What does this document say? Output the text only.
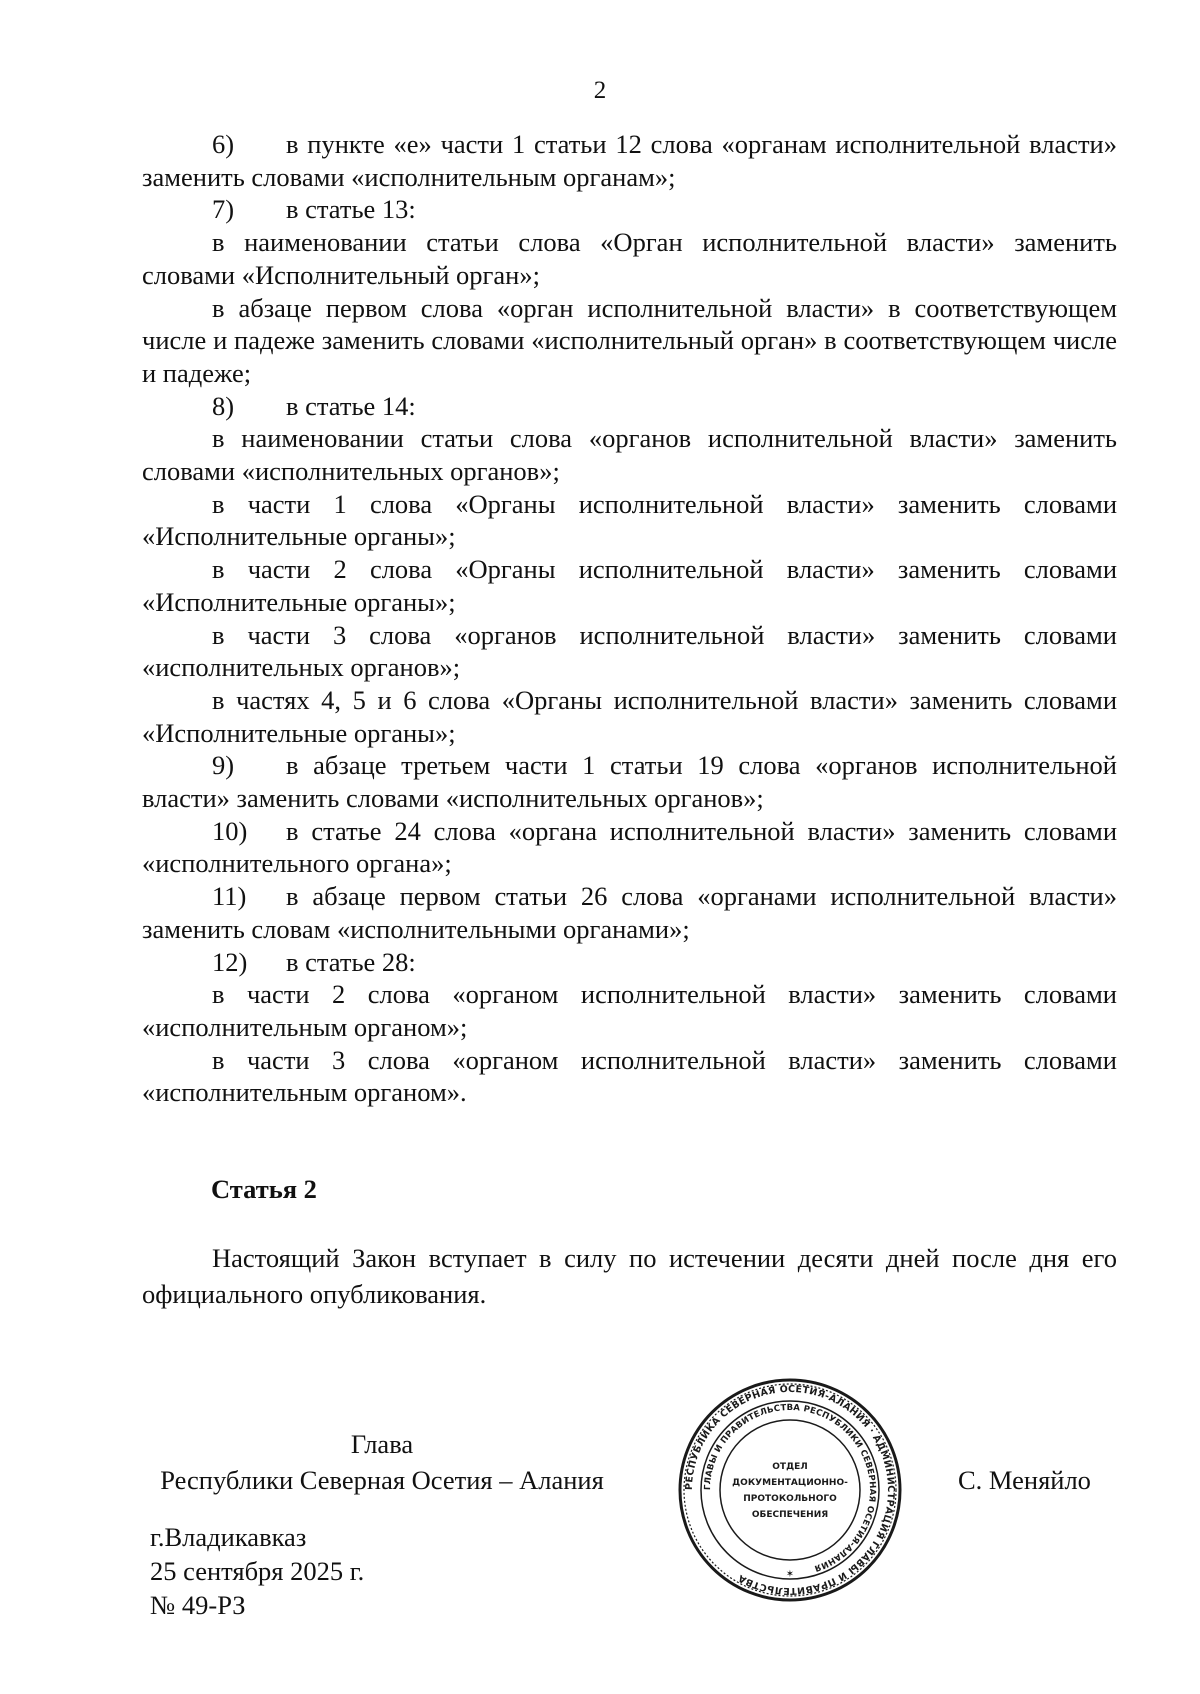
2

6) в пункте «е» части 1 статьи 12 слова «органам исполнительной власти» заменить словами «исполнительным органам»;

7) в статье 13:

в наименовании статьи слова «Орган исполнительной власти» заменить словами «Исполнительный орган»;

в абзаце первом слова «орган исполнительной власти» в соответствующем числе и падеже заменить словами «исполнительный орган» в соответствующем числе и падеже;

8) в статье 14:

в наименовании статьи слова «органов исполнительной власти» заменить словами «исполнительных органов»;

в части 1 слова «Органы исполнительной власти» заменить словами «Исполнительные органы»;

в части 2 слова «Органы исполнительной власти» заменить словами «Исполнительные органы»;

в части 3 слова «органов исполнительной власти» заменить словами «исполнительных органов»;

в частях 4, 5 и 6 слова «Органы исполнительной власти» заменить словами «Исполнительные органы»;

9) в абзаце третьем части 1 статьи 19 слова «органов исполнительной власти» заменить словами «исполнительных органов»;

10) в статье 24 слова «органа исполнительной власти» заменить словами «исполнительного органа»;

11) в абзаце первом статьи 26 слова «органами исполнительной власти» заменить словам «исполнительными органами»;

12) в статье 28:

в части 2 слова «органом исполнительной власти» заменить словами «исполнительным органом»;

в части 3 слова «органом исполнительной власти» заменить словами «исполнительным органом».

Статья 2

Настоящий Закон вступает в силу по истечении десяти дней после дня его официального опубликования.

Глава
Республики Северная Осетия – Алания	РЕСПУБЛИКА СЕВЕРНАЯ ОСЕТИЯ-АЛАНИЯ · АДМИНИСТРАЦИЯ ГЛАВЫ И ПРАВИТЕЛЬСТВА
ГЛАВЫ И ПРАВИТЕЛЬСТВА РЕСПУБЛИКИ СЕВЕРНАЯ ОСЕТИЯ-АЛАНИЯ
ОТДЕЛ
ДОКУМЕНТАЦИОННО-
ПРОТОКОЛЬНОГО
ОБЕСПЕЧЕНИЯ
✶
С. Меняйло
г.Владикавказ
25 сентября 2025 г.
№ 49-РЗ
